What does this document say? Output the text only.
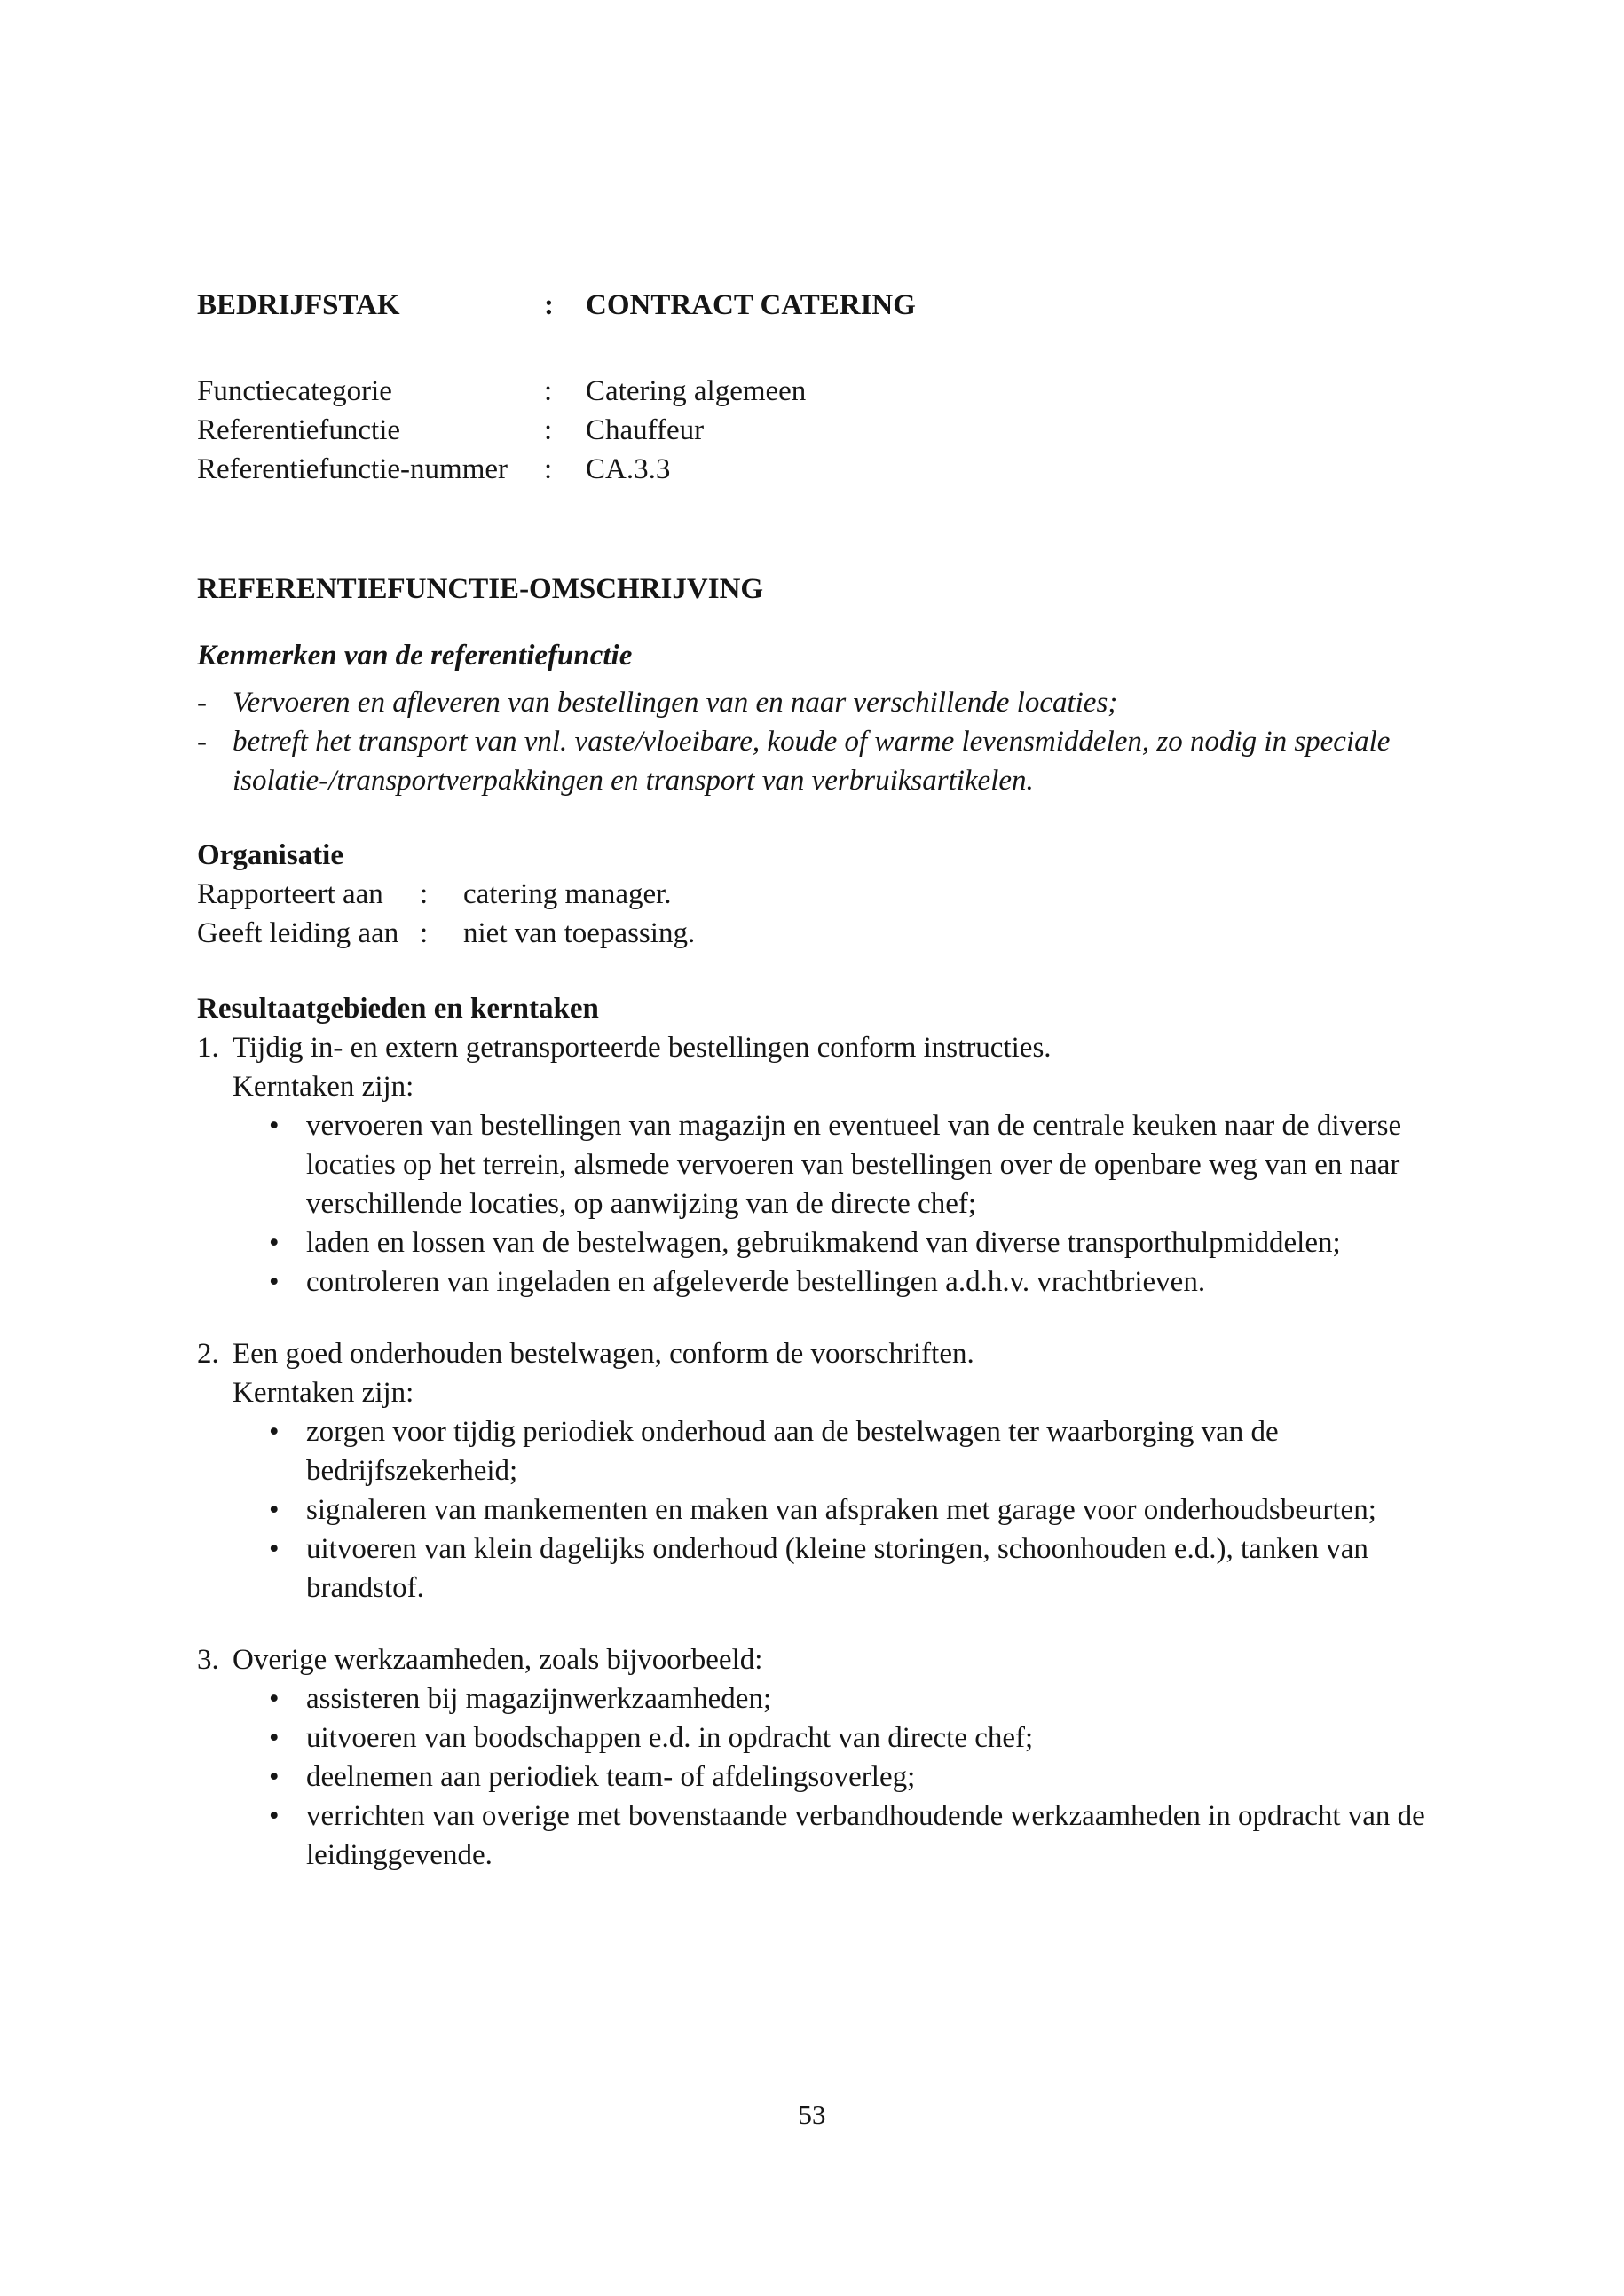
BEDRIJFSTAK	:	CONTRACT CATERING
Functiecategorie	:	Catering algemeen
Referentiefunctie	:	Chauffeur
Referentiefunctie-nummer	:	CA.3.3
REFERENTIEFUNCTIE-OMSCHRIJVING
Kenmerken van de referentiefunctie
- Vervoeren en afleveren van bestellingen van en naar verschillende locaties;
- betreft het transport van vnl. vaste/vloeibare, koude of warme levensmiddelen, zo nodig in speciale isolatie-/transportverpakkingen en transport van verbruiksartikelen.
Organisatie
Rapporteert aan	:	catering manager.
Geeft leiding aan :	niet van toepassing.
Resultaatgebieden en kerntaken
1. Tijdig in- en extern getransporteerde bestellingen conform instructies.
Kerntaken zijn:
• vervoeren van bestellingen van magazijn en eventueel van de centrale keuken naar de diverse locaties op het terrein, alsmede vervoeren van bestellingen over de openbare weg van en naar verschillende locaties, op aanwijzing van de directe chef;
• laden en lossen van de bestelwagen, gebruikmakend van diverse transporthulpmiddelen;
• controleren van ingeladen en afgeleverde bestellingen a.d.h.v. vrachtbrieven.
2. Een goed onderhouden bestelwagen, conform de voorschriften.
Kerntaken zijn:
• zorgen voor tijdig periodiek onderhoud aan de bestelwagen ter waarborging van de bedrijfszekerheid;
• signaleren van mankementen en maken van afspraken met garage voor onderhoudsbeurten;
• uitvoeren van klein dagelijks onderhoud (kleine storingen, schoonhouden e.d.), tanken van brandstof.
3. Overige werkzaamheden, zoals bijvoorbeeld:
• assisteren bij magazijnwerkzaamheden;
• uitvoeren van boodschappen e.d. in opdracht van directe chef;
• deelnemen aan periodiek team- of afdelingsoverleg;
• verrichten van overige met bovenstaande verbandhoudende werkzaamheden in opdracht van de leidinggevende.
53
